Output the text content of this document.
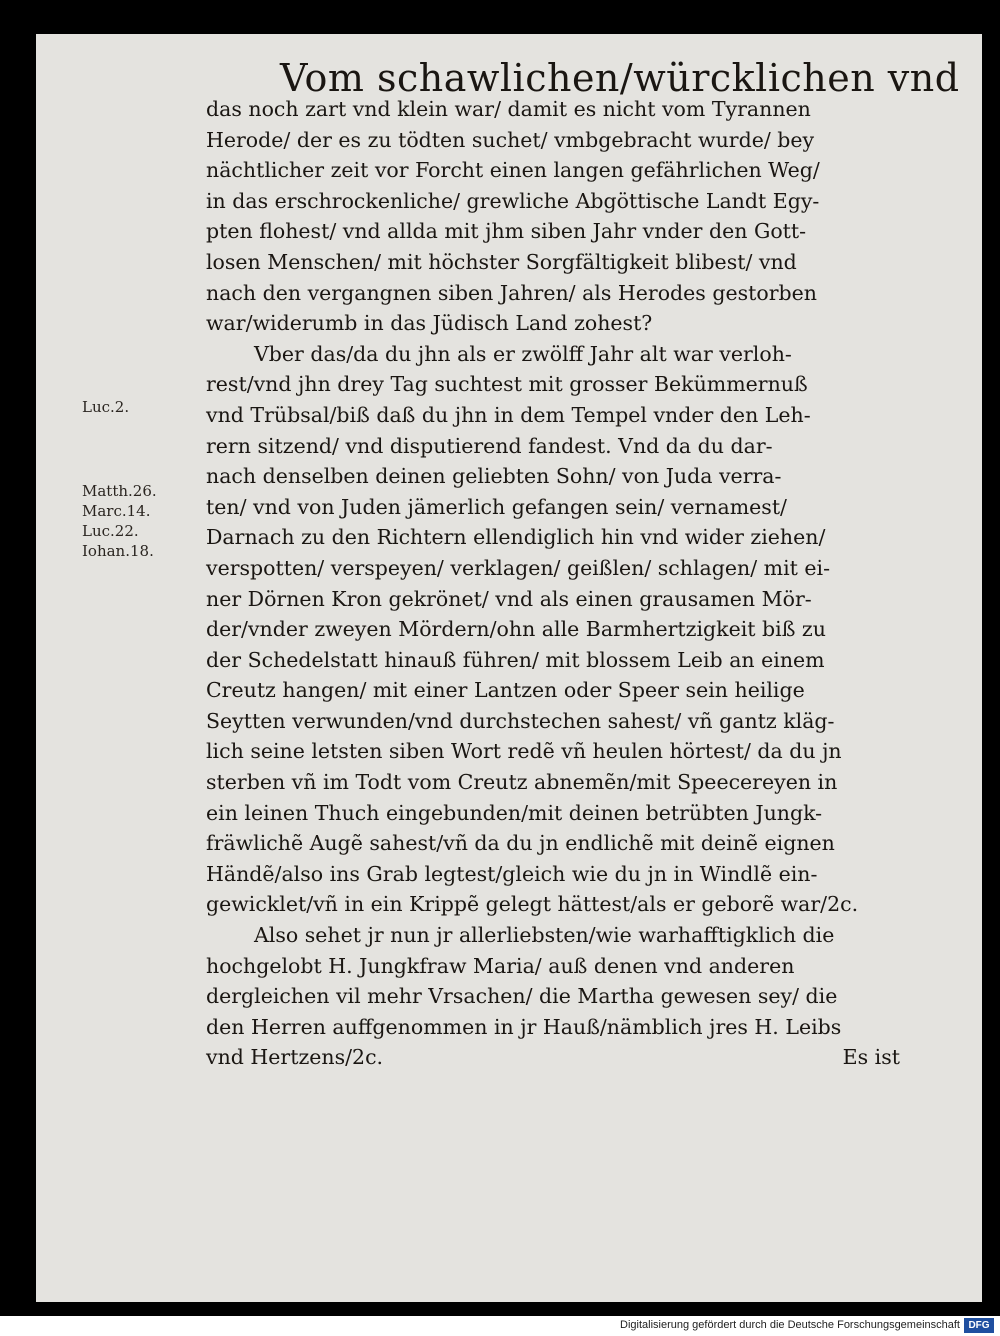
Vom schawlichen/würcklichen vnd
Luc.2.
Matth.26.
Marc.14.
Luc.22.
Iohan.18.
das noch zart vnd klein war/ damit es nicht vom Tyrannen
Herode/ der es zu tödten suchet/ vmbgebracht wurde/ bey
nächtlicher zeit vor Forcht einen langen gefährlichen Weg/
in das erschrockenliche/ grewliche Abgöttische Landt Egy-
pten flohest/ vnd allda mit jhm siben Jahr vnder den Gott-
losen Menschen/ mit höchster Sorgfältigkeit blibest/ vnd
nach den vergangnen siben Jahren/ als Herodes gestorben
war/widerumb in das Jüdisch Land zohest?
Vber das/da du jhn als er zwölff Jahr alt war verloh-
rest/vnd jhn drey Tag suchtest mit grosser Bekümmernuß
vnd Trübsal/biß daß du jhn in dem Tempel vnder den Leh-
rern sitzend/ vnd disputierend fandest. Vnd da du dar-
nach denselben deinen geliebten Sohn/ von Juda verra-
ten/ vnd von Juden jämerlich gefangen sein/ vernamest/
Darnach zu den Richtern ellendiglich hin vnd wider ziehen/
verspotten/ verspeyen/ verklagen/ geißlen/ schlagen/ mit ei-
ner Dörnen Kron gekrönet/ vnd als einen grausamen Mör-
der/vnder zweyen Mördern/ohn alle Barmhertzigkeit biß zu
der Schedelstatt hinauß führen/ mit blossem Leib an einem
Creutz hangen/ mit einer Lantzen oder Speer sein heilige
Seytten verwunden/vnd durchstechen sahest/ vñ gantz kläg-
lich seine letsten siben Wort redẽ vñ heulen hörtest/ da du jn
sterben vñ im Todt vom Creutz abnemẽn/mit Speecereyen in
ein leinen Thuch eingebunden/mit deinen betrübten Jungk-
fräwlichẽ Augẽ sahest/vñ da du jn endlichẽ mit deinẽ eignen
Händẽ/also ins Grab legtest/gleich wie du jn in Windlẽ ein-
gewicklet/vñ in ein Krippẽ gelegt hättest/als er geborẽ war/2c.
Also sehet jr nun jr allerliebsten/wie warhafftigklich die
hochgelobt H. Jungkfraw Maria/ auß denen vnd anderen
dergleichen vil mehr Vrsachen/ die Martha gewesen sey/ die
den Herren auffgenommen in jr Hauß/nämblich jres H. Leibs
vnd Hertzens/2c.	Es ist
Digitalisierung gefördert durch die Deutsche Forschungsgemeinschaft DFG
